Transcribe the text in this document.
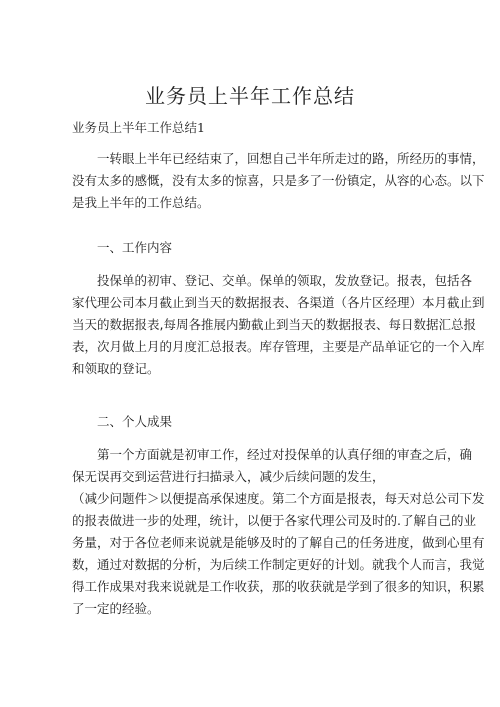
业务员上半年工作总结
业务员上半年工作总结1
一转眼上半年已经结束了，回想自己半年所走过的路，所经历的事情，
没有太多的感慨，没有太多的惊喜，只是多了一份镇定，从容的心态。以下
是我上半年的工作总结。
一、工作内容
投保单的初审、登记、交单。保单的领取，发放登记。报表，包括各
家代理公司本月截止到当天的数据报表、各渠道（各片区经理）本月截止到
当天的数据报表,每周各推展内勤截止到当天的数据报表、每日数据汇总报
表，次月做上月的月度汇总报表。库存管理，主要是产品单证它的一个入库
和领取的登记。
二、个人成果
第一个方面就是初审工作，经过对投保单的认真仔细的审查之后，确
保无误再交到运营进行扫描录入，减少后续问题的发生，
（减少问题件＞以便提高承保速度。第二个方面是报表，每天对总公司下发
的报表做进一步的处理，统计，以便于各家代理公司及时的.了解自己的业
务量，对于各位老师来说就是能够及时的了解自己的任务进度，做到心里有
数，通过对数据的分析，为后续工作制定更好的计划。就我个人而言，我觉
得工作成果对我来说就是工作收获，那的收获就是学到了很多的知识，积累
了一定的经验。
